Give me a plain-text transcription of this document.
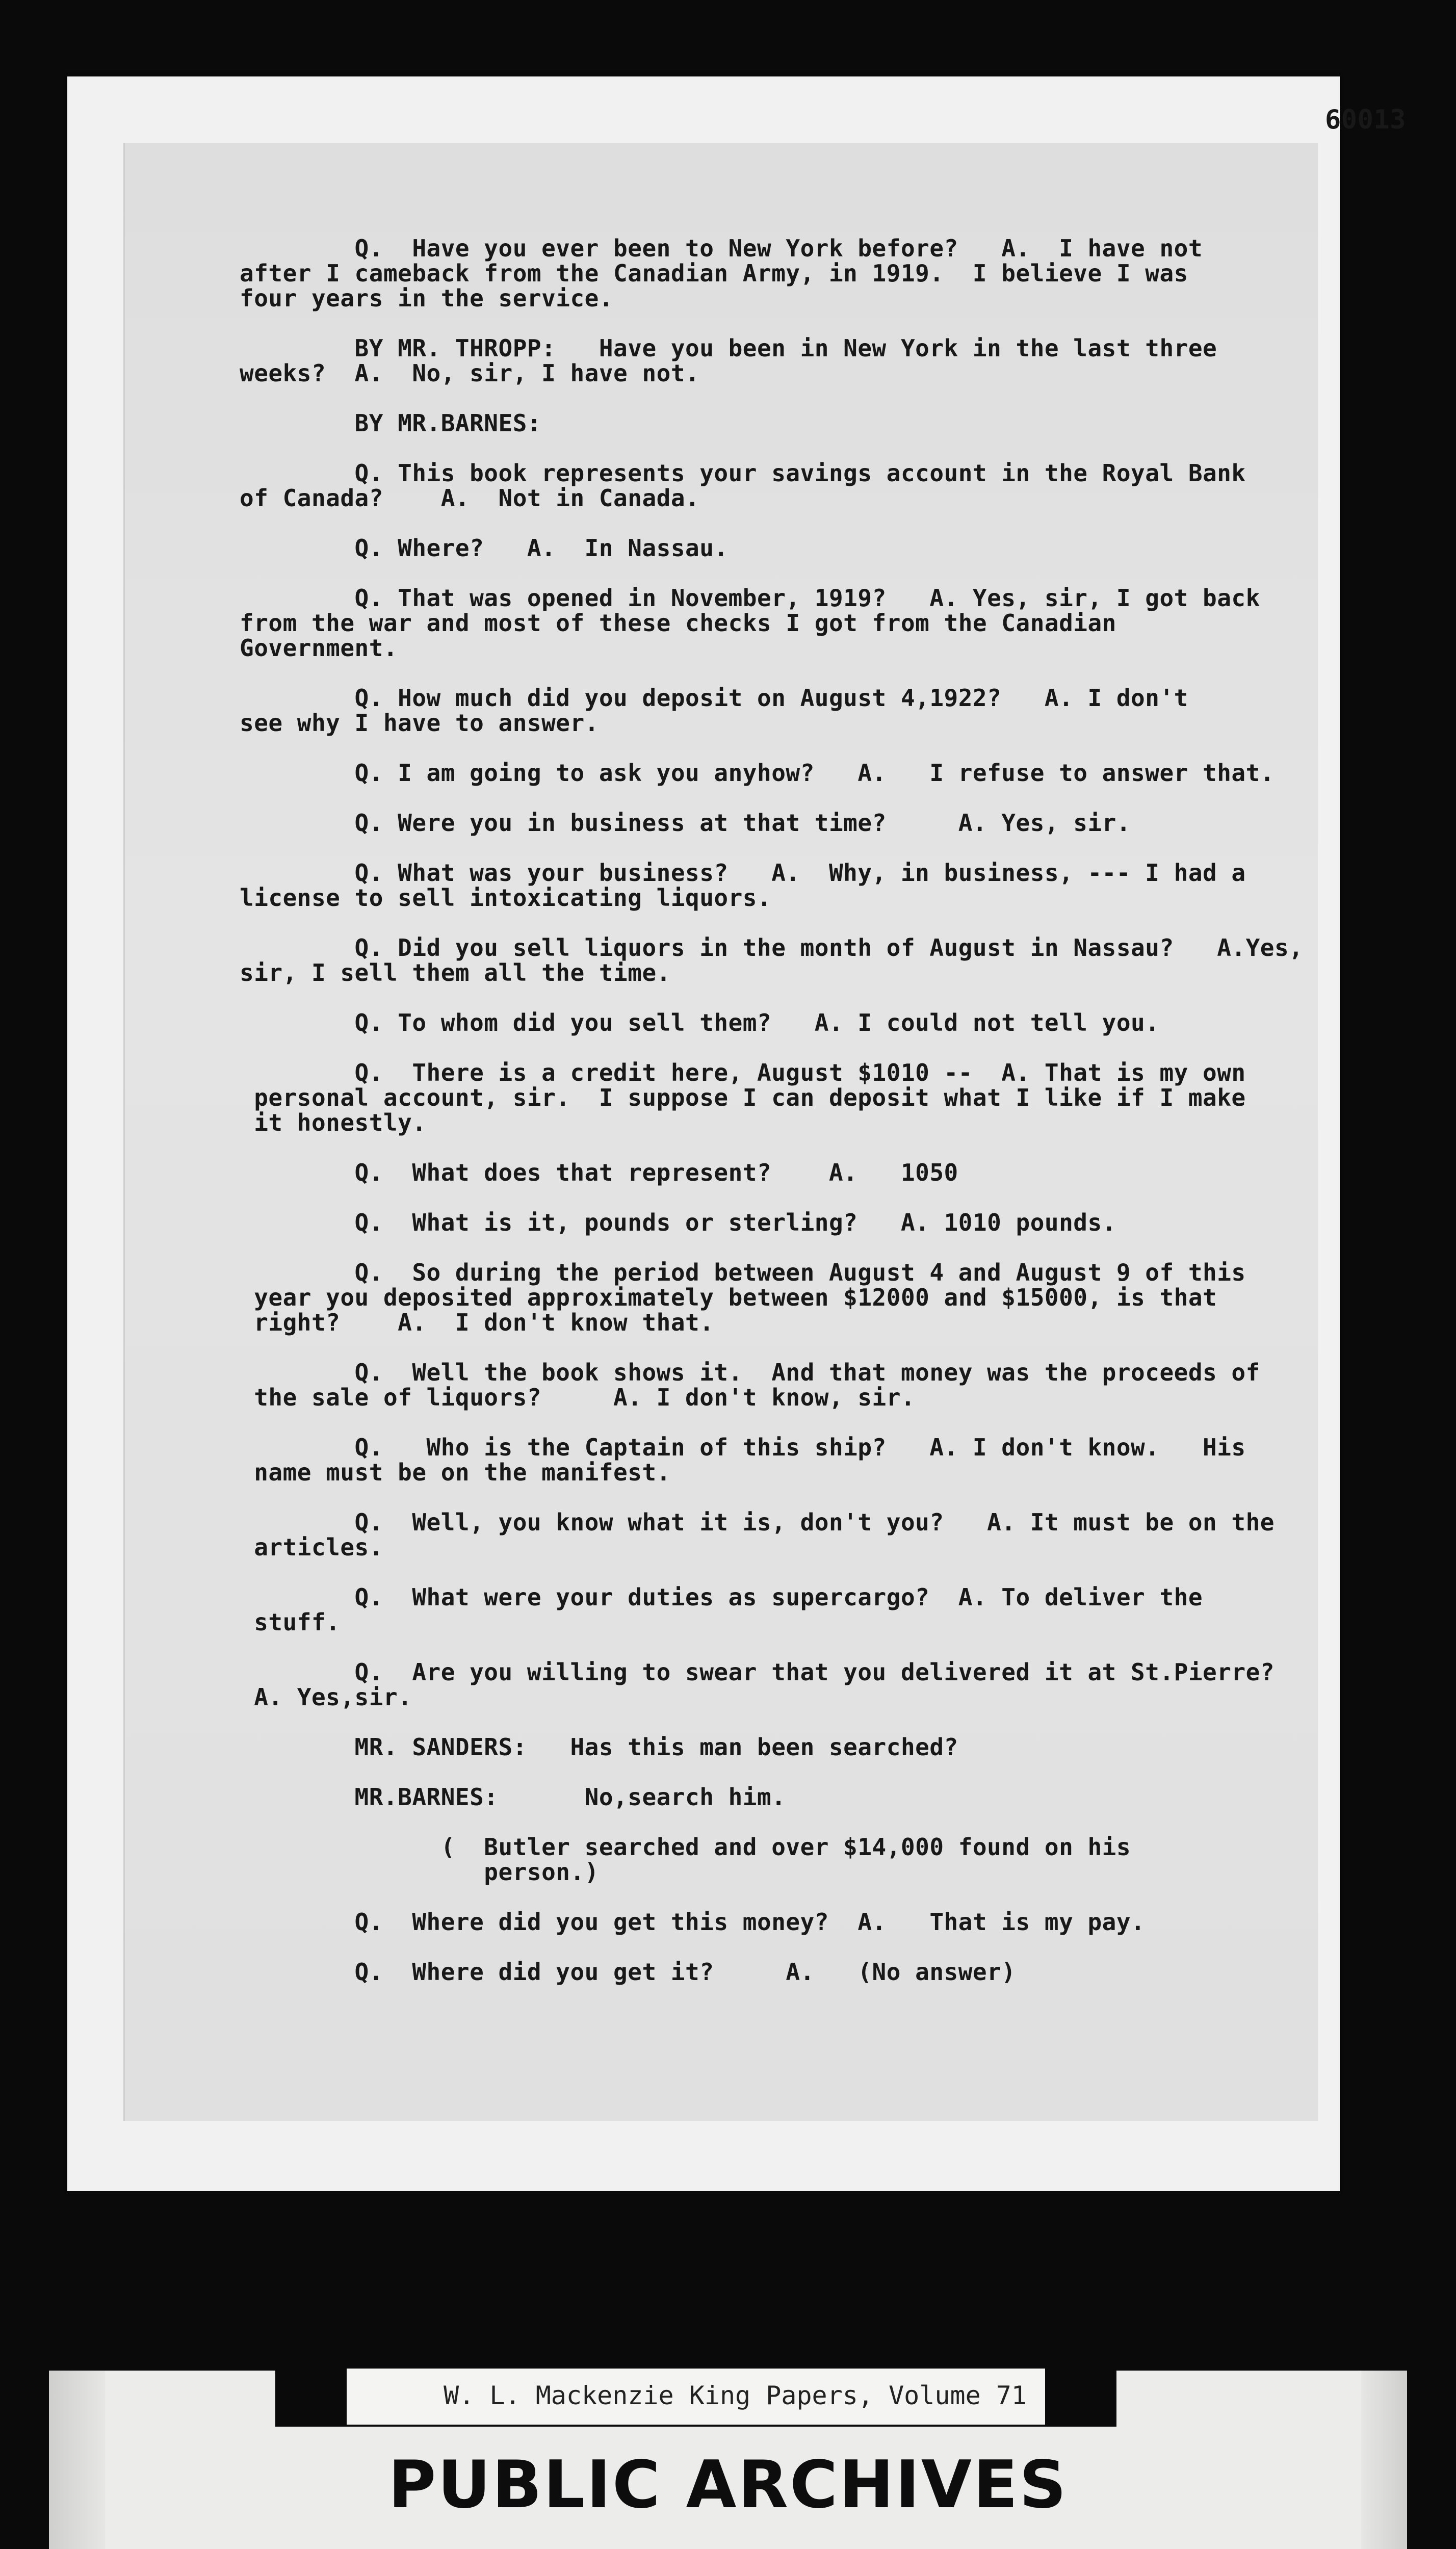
60013
Q.  Have you ever been to New York before?   A.  I have not
after I cameback from the Canadian Army, in 1919.  I believe I was
four years in the service.
BY MR. THROPP:   Have you been in New York in the last three
weeks?  A.  No, sir, I have not.
BY MR.BARNES:
Q. This book represents your savings account in the Royal Bank
of Canada?    A.  Not in Canada.
Q. Where?   A.  In Nassau.
Q. That was opened in November, 1919?   A. Yes, sir, I got back
from the war and most of these checks I got from the Canadian
Government.
Q. How much did you deposit on August 4,1922?   A. I don't
see why I have to answer.
Q. I am going to ask you anyhow?   A.   I refuse to answer that.
Q. Were you in business at that time?     A. Yes, sir.
Q. What was your business?   A.  Why, in business, --- I had a
license to sell intoxicating liquors.
Q. Did you sell liquors in the month of August in Nassau?   A.Yes,
sir, I sell them all the time.
Q. To whom did you sell them?   A. I could not tell you.
Q.  There is a credit here, August $1010 --  A. That is my own
personal account, sir.  I suppose I can deposit what I like if I make
it honestly.
Q.  What does that represent?    A.   1050
Q.  What is it, pounds or sterling?   A. 1010 pounds.
Q.  So during the period between August 4 and August 9 of this
year you deposited approximately between $12000 and $15000, is that
right?    A.  I don't know that.
Q.  Well the book shows it.  And that money was the proceeds of
the sale of liquors?     A. I don't know, sir.
Q.   Who is the Captain of this ship?   A. I don't know.   His
name must be on the manifest.
Q.  Well, you know what it is, don't you?   A. It must be on the
articles.
Q.  What were your duties as supercargo?  A. To deliver the
stuff.
Q.  Are you willing to swear that you delivered it at St.Pierre?
A. Yes,sir.
MR. SANDERS:   Has this man been searched?
MR.BARNES:      No,search him.
(  Butler searched and over $14,000 found on his
person.)
Q.  Where did you get this money?  A.   That is my pay.
Q.  Where did you get it?     A.   (No answer)
PUBLIC ARCHIVES
W. L. Mackenzie King Papers, Volume 71
